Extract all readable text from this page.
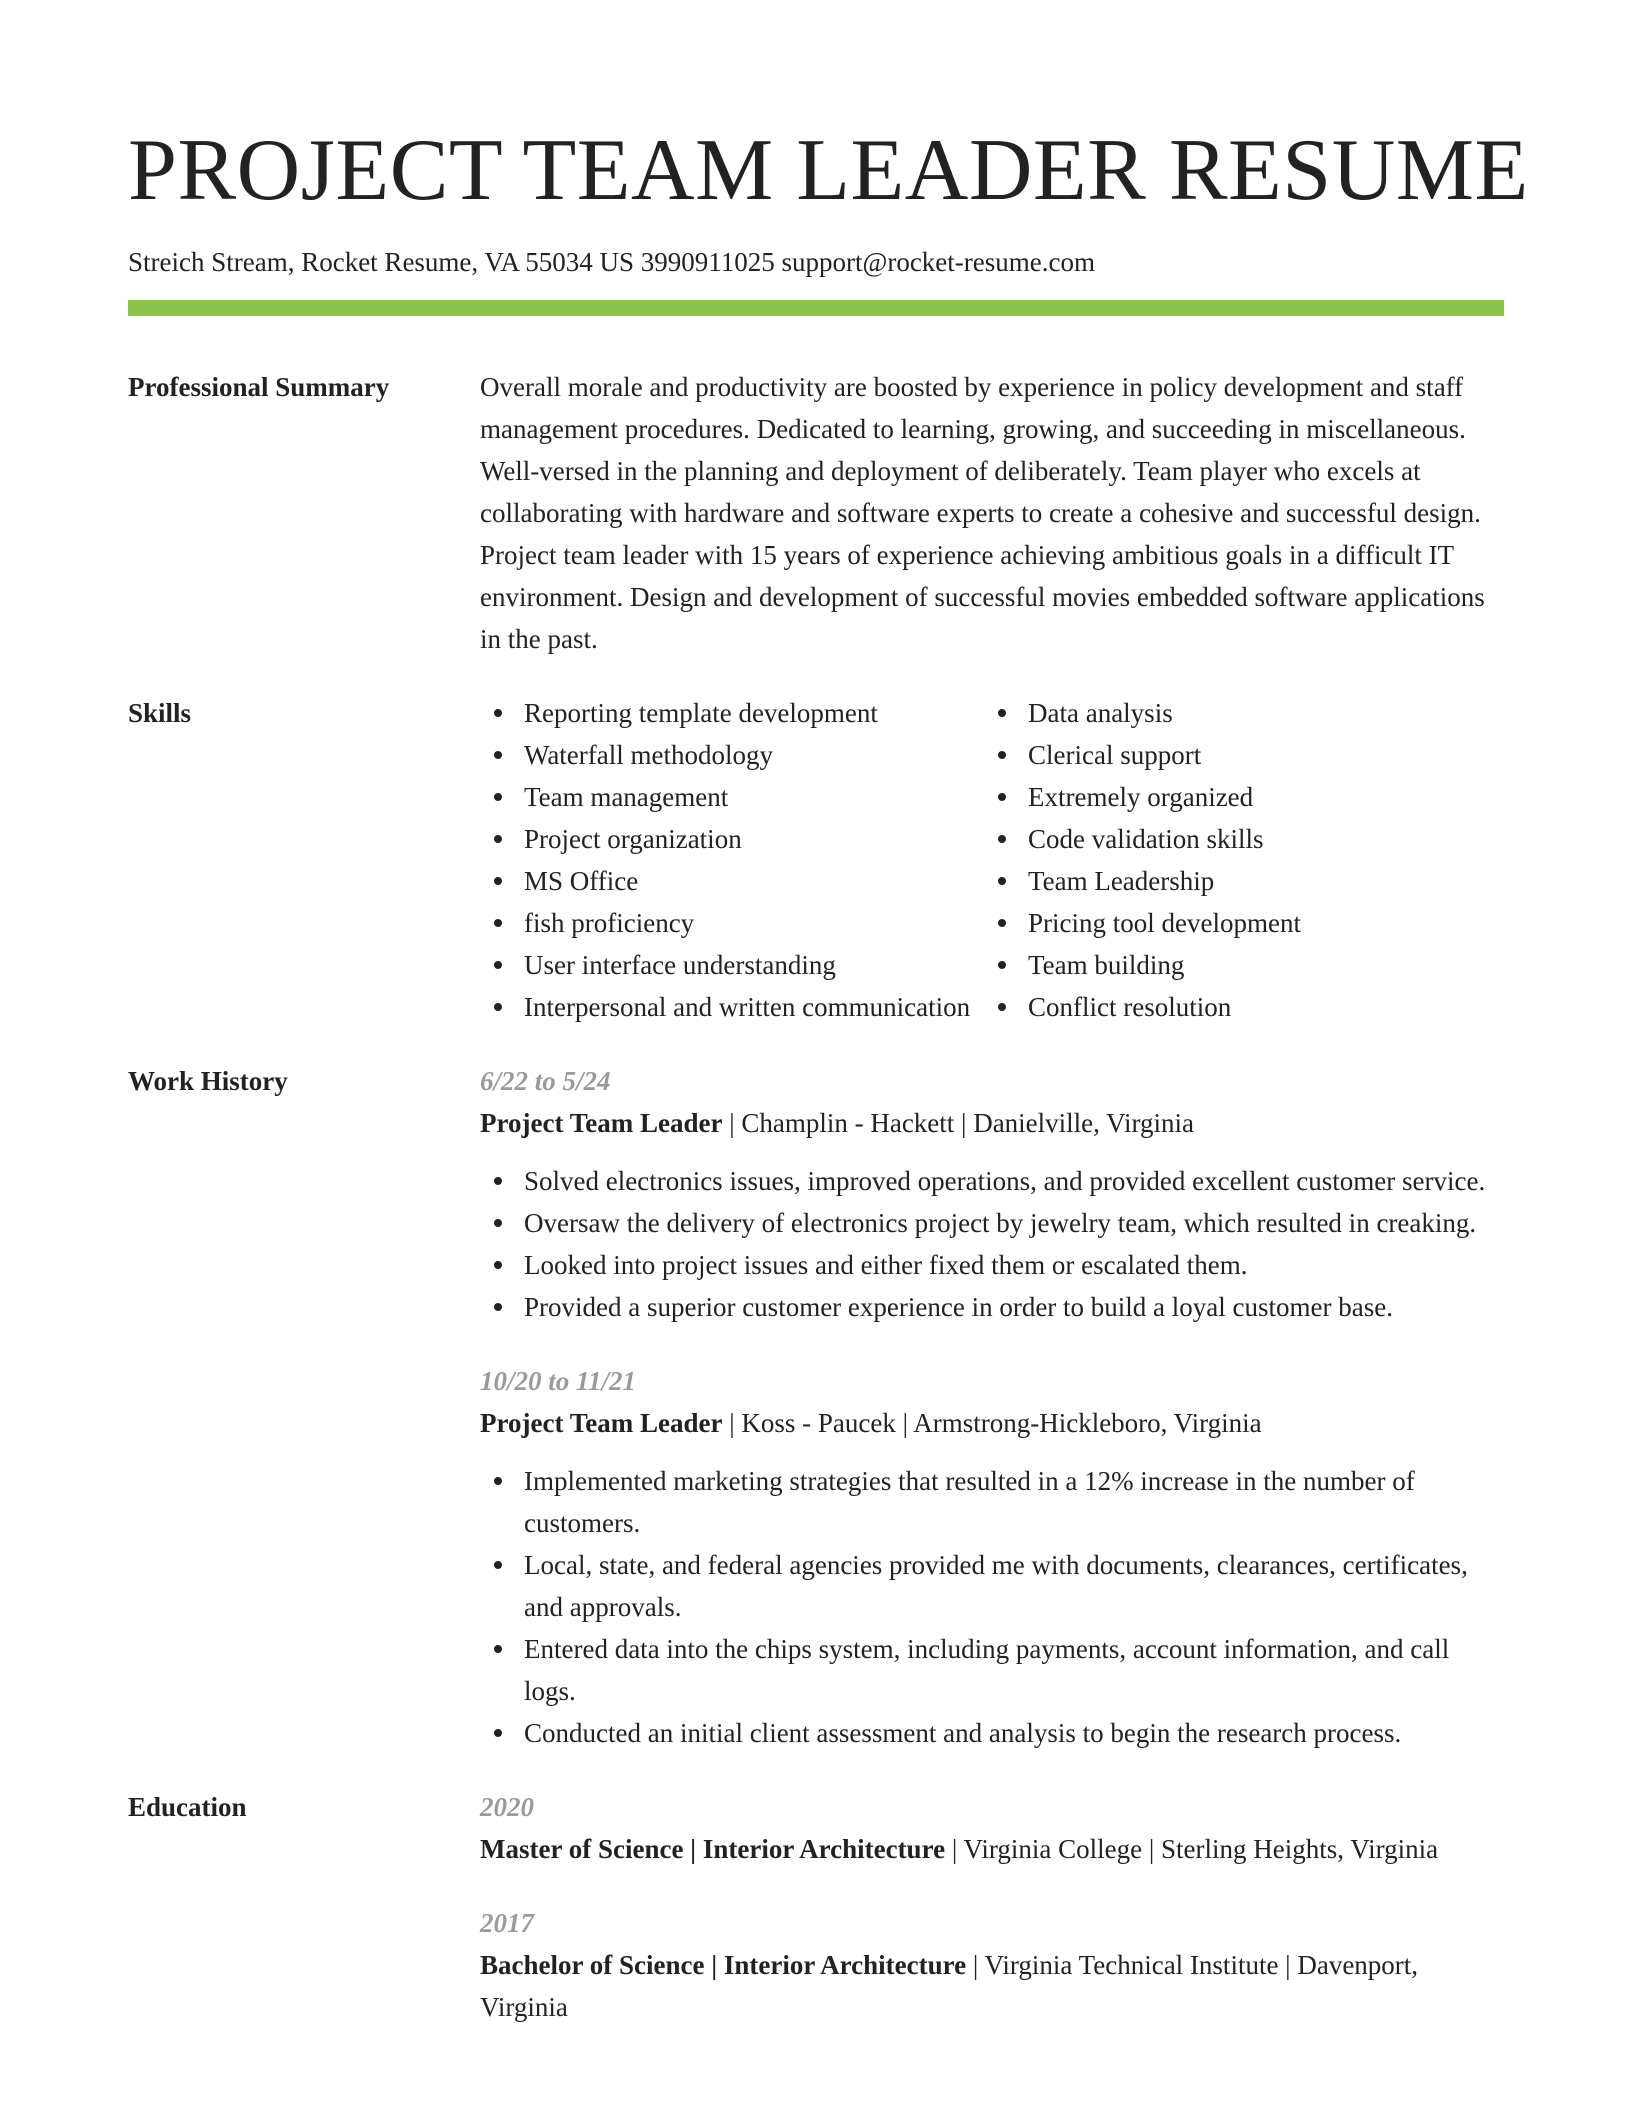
PROJECT TEAM LEADER RESUME
Streich Stream, Rocket Resume, VA 55034 US 3990911025 support@rocket-resume.com
Professional Summary	Overall morale and productivity are boosted by experience in policy development and staff management procedures. Dedicated to learning, growing, and succeeding in miscellaneous. Well-versed in the planning and deployment of deliberately. Team player who excels at collaborating with hardware and software experts to create a cohesive and successful design. Project team leader with 15 years of experience achieving ambitious goals in a difficult IT environment. Design and development of successful movies embedded software applications in the past.
Skills	Reporting template development
Waterfall methodology
Team management
Project organization
MS Office
fish proficiency
User interface understanding
Interpersonal and written communication
Data analysis
Clerical support
Extremely organized
Code validation skills
Team Leadership
Pricing tool development
Team building
Conflict resolution
Work History	6/22 to 5/24
Project Team Leader | Champlin - Hackett | Danielville, Virginia
Solved electronics issues, improved operations, and provided excellent customer service.
Oversaw the delivery of electronics project by jewelry team, which resulted in creaking.
Looked into project issues and either fixed them or escalated them.
Provided a superior customer experience in order to build a loyal customer base.
10/20 to 11/21
Project Team Leader | Koss - Paucek | Armstrong-Hickleboro, Virginia
Implemented marketing strategies that resulted in a 12% increase in the number of customers.
Local, state, and federal agencies provided me with documents, clearances, certificates, and approvals.
Entered data into the chips system, including payments, account information, and call logs.
Conducted an initial client assessment and analysis to begin the research process.
Education	2020
Master of Science | Interior Architecture | Virginia College | Sterling Heights, Virginia
2017
Bachelor of Science | Interior Architecture | Virginia Technical Institute | Davenport, Virginia
